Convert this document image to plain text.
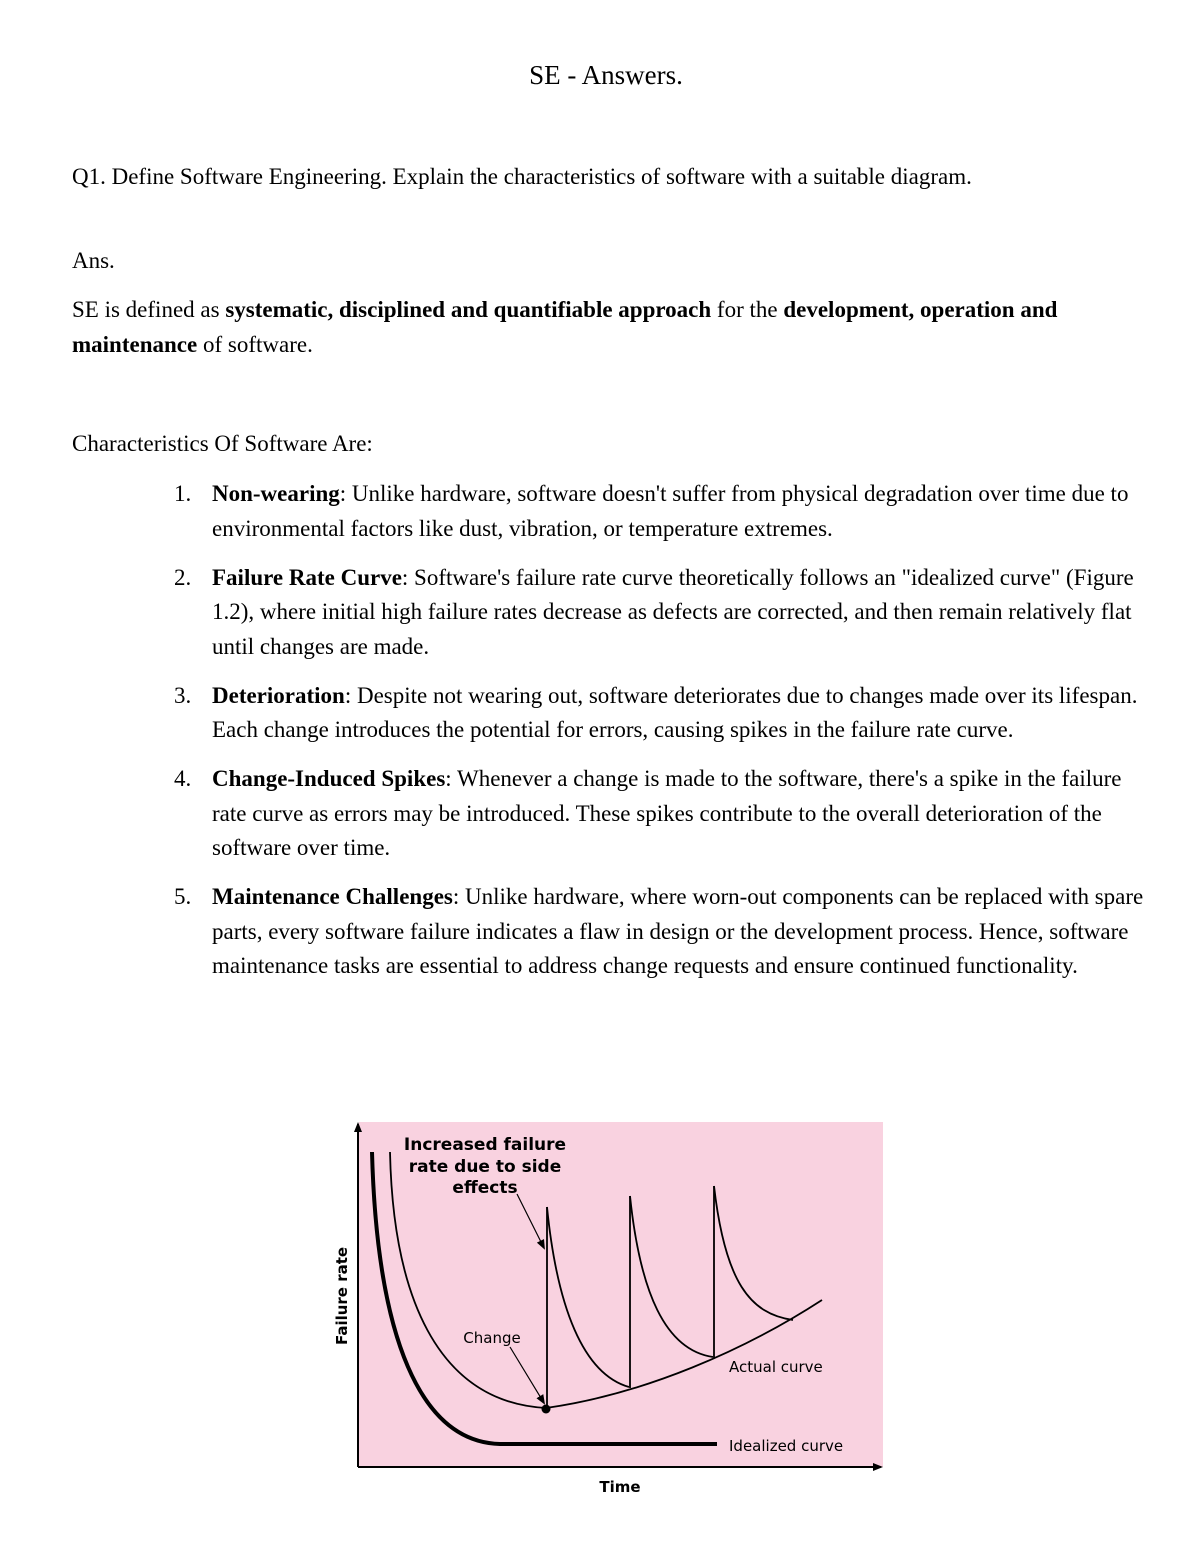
SE - Answers.

Q1. Define Software Engineering. Explain the characteristics of software with a suitable diagram.

Ans.

SE is defined as systematic, disciplined and quantifiable approach for the development, operation and maintenance of software.

Characteristics Of Software Are:

1. Non-wearing: Unlike hardware, software doesn't suffer from physical degradation over time due to environmental factors like dust, vibration, or temperature extremes.
2. Failure Rate Curve: Software's failure rate curve theoretically follows an "idealized curve" (Figure 1.2), where initial high failure rates decrease as defects are corrected, and then remain relatively flat until changes are made.
3. Deterioration: Despite not wearing out, software deteriorates due to changes made over its lifespan. Each change introduces the potential for errors, causing spikes in the failure rate curve.
4. Change-Induced Spikes: Whenever a change is made to the software, there's a spike in the failure rate curve as errors may be introduced. These spikes contribute to the overall deterioration of the software over time.
5. Maintenance Challenges: Unlike hardware, where worn-out components can be replaced with spare parts, every software failure indicates a flaw in design or the development process. Hence, software maintenance tasks are essential to address change requests and ensure continued functionality.
Increased failure
rate due to side
effects
Change
Actual curve
Idealized curve
Time
Failure rate
